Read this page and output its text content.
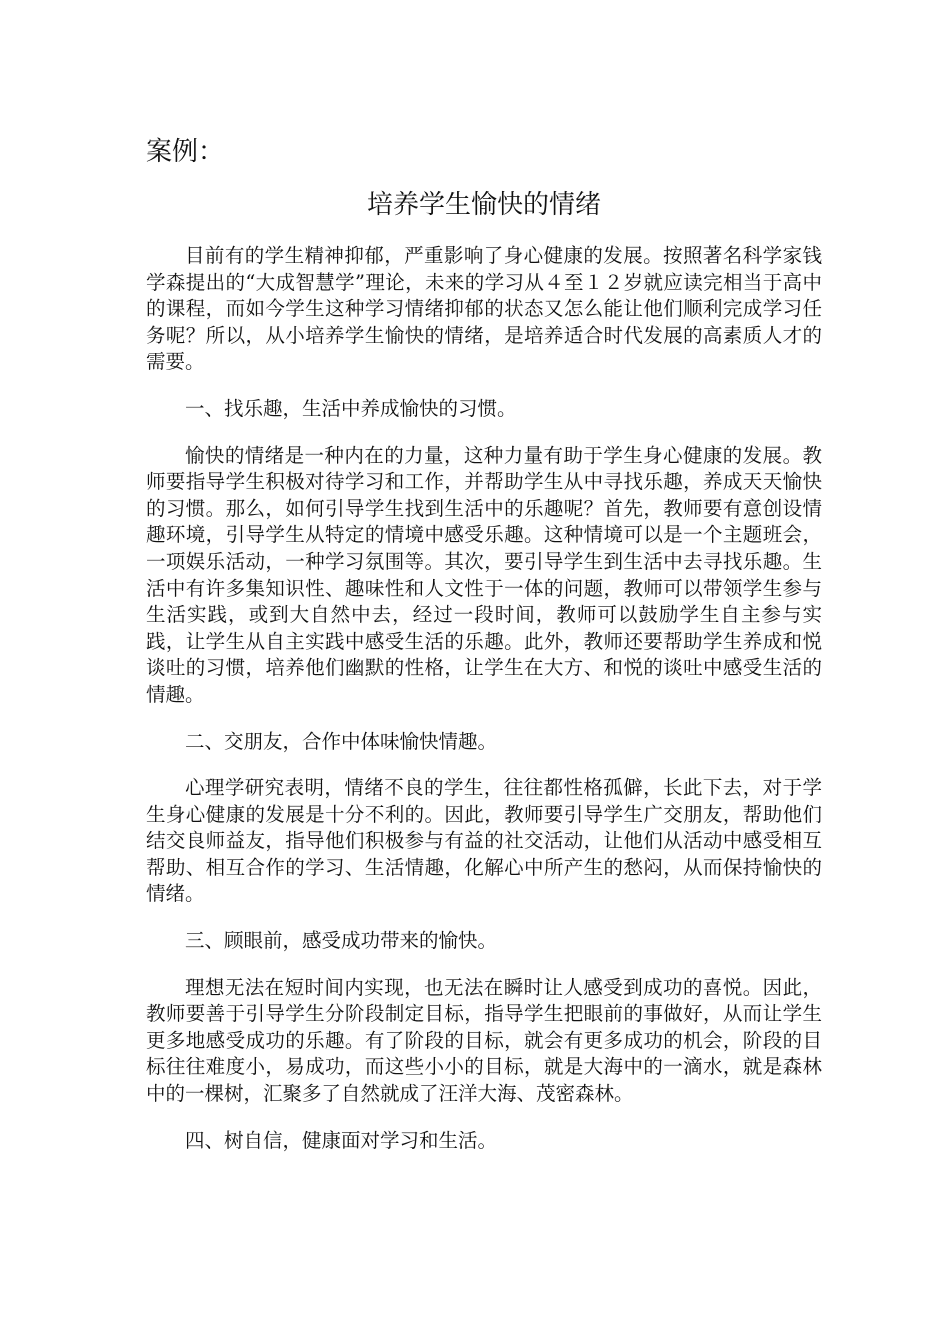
案例：
培养学生愉快的情绪

目前有的学生精神抑郁，严重影响了身心健康的发展。按照著名科学家钱学森提出的“大成智慧学”理论，未来的学习从４至１２岁就应读完相当于高中的课程，而如今学生这种学习情绪抑郁的状态又怎么能让他们顺利完成学习任务呢？所以，从小培养学生愉快的情绪，是培养适合时代发展的高素质人才的需要。

一、找乐趣，生活中养成愉快的习惯。

愉快的情绪是一种内在的力量，这种力量有助于学生身心健康的发展。教师要指导学生积极对待学习和工作，并帮助学生从中寻找乐趣，养成天天愉快的习惯。那么，如何引导学生找到生活中的乐趣呢？首先，教师要有意创设情趣环境，引导学生从特定的情境中感受乐趣。这种情境可以是一个主题班会，一项娱乐活动，一种学习氛围等。其次，要引导学生到生活中去寻找乐趣。生活中有许多集知识性、趣味性和人文性于一体的问题，教师可以带领学生参与生活实践，或到大自然中去，经过一段时间，教师可以鼓励学生自主参与实践，让学生从自主实践中感受生活的乐趣。此外，教师还要帮助学生养成和悦谈吐的习惯，培养他们幽默的性格，让学生在大方、和悦的谈吐中感受生活的情趣。

二、交朋友，合作中体味愉快情趣。

心理学研究表明，情绪不良的学生，往往都性格孤僻，长此下去，对于学生身心健康的发展是十分不利的。因此，教师要引导学生广交朋友，帮助他们结交良师益友，指导他们积极参与有益的社交活动，让他们从活动中感受相互帮助、相互合作的学习、生活情趣，化解心中所产生的愁闷，从而保持愉快的情绪。

三、顾眼前，感受成功带来的愉快。

理想无法在短时间内实现，也无法在瞬时让人感受到成功的喜悦。因此，教师要善于引导学生分阶段制定目标，指导学生把眼前的事做好，从而让学生更多地感受成功的乐趣。有了阶段的目标，就会有更多成功的机会，阶段的目标往往难度小，易成功，而这些小小的目标，就是大海中的一滴水，就是森林中的一棵树，汇聚多了自然就成了汪洋大海、茂密森林。

四、树自信，健康面对学习和生活。
